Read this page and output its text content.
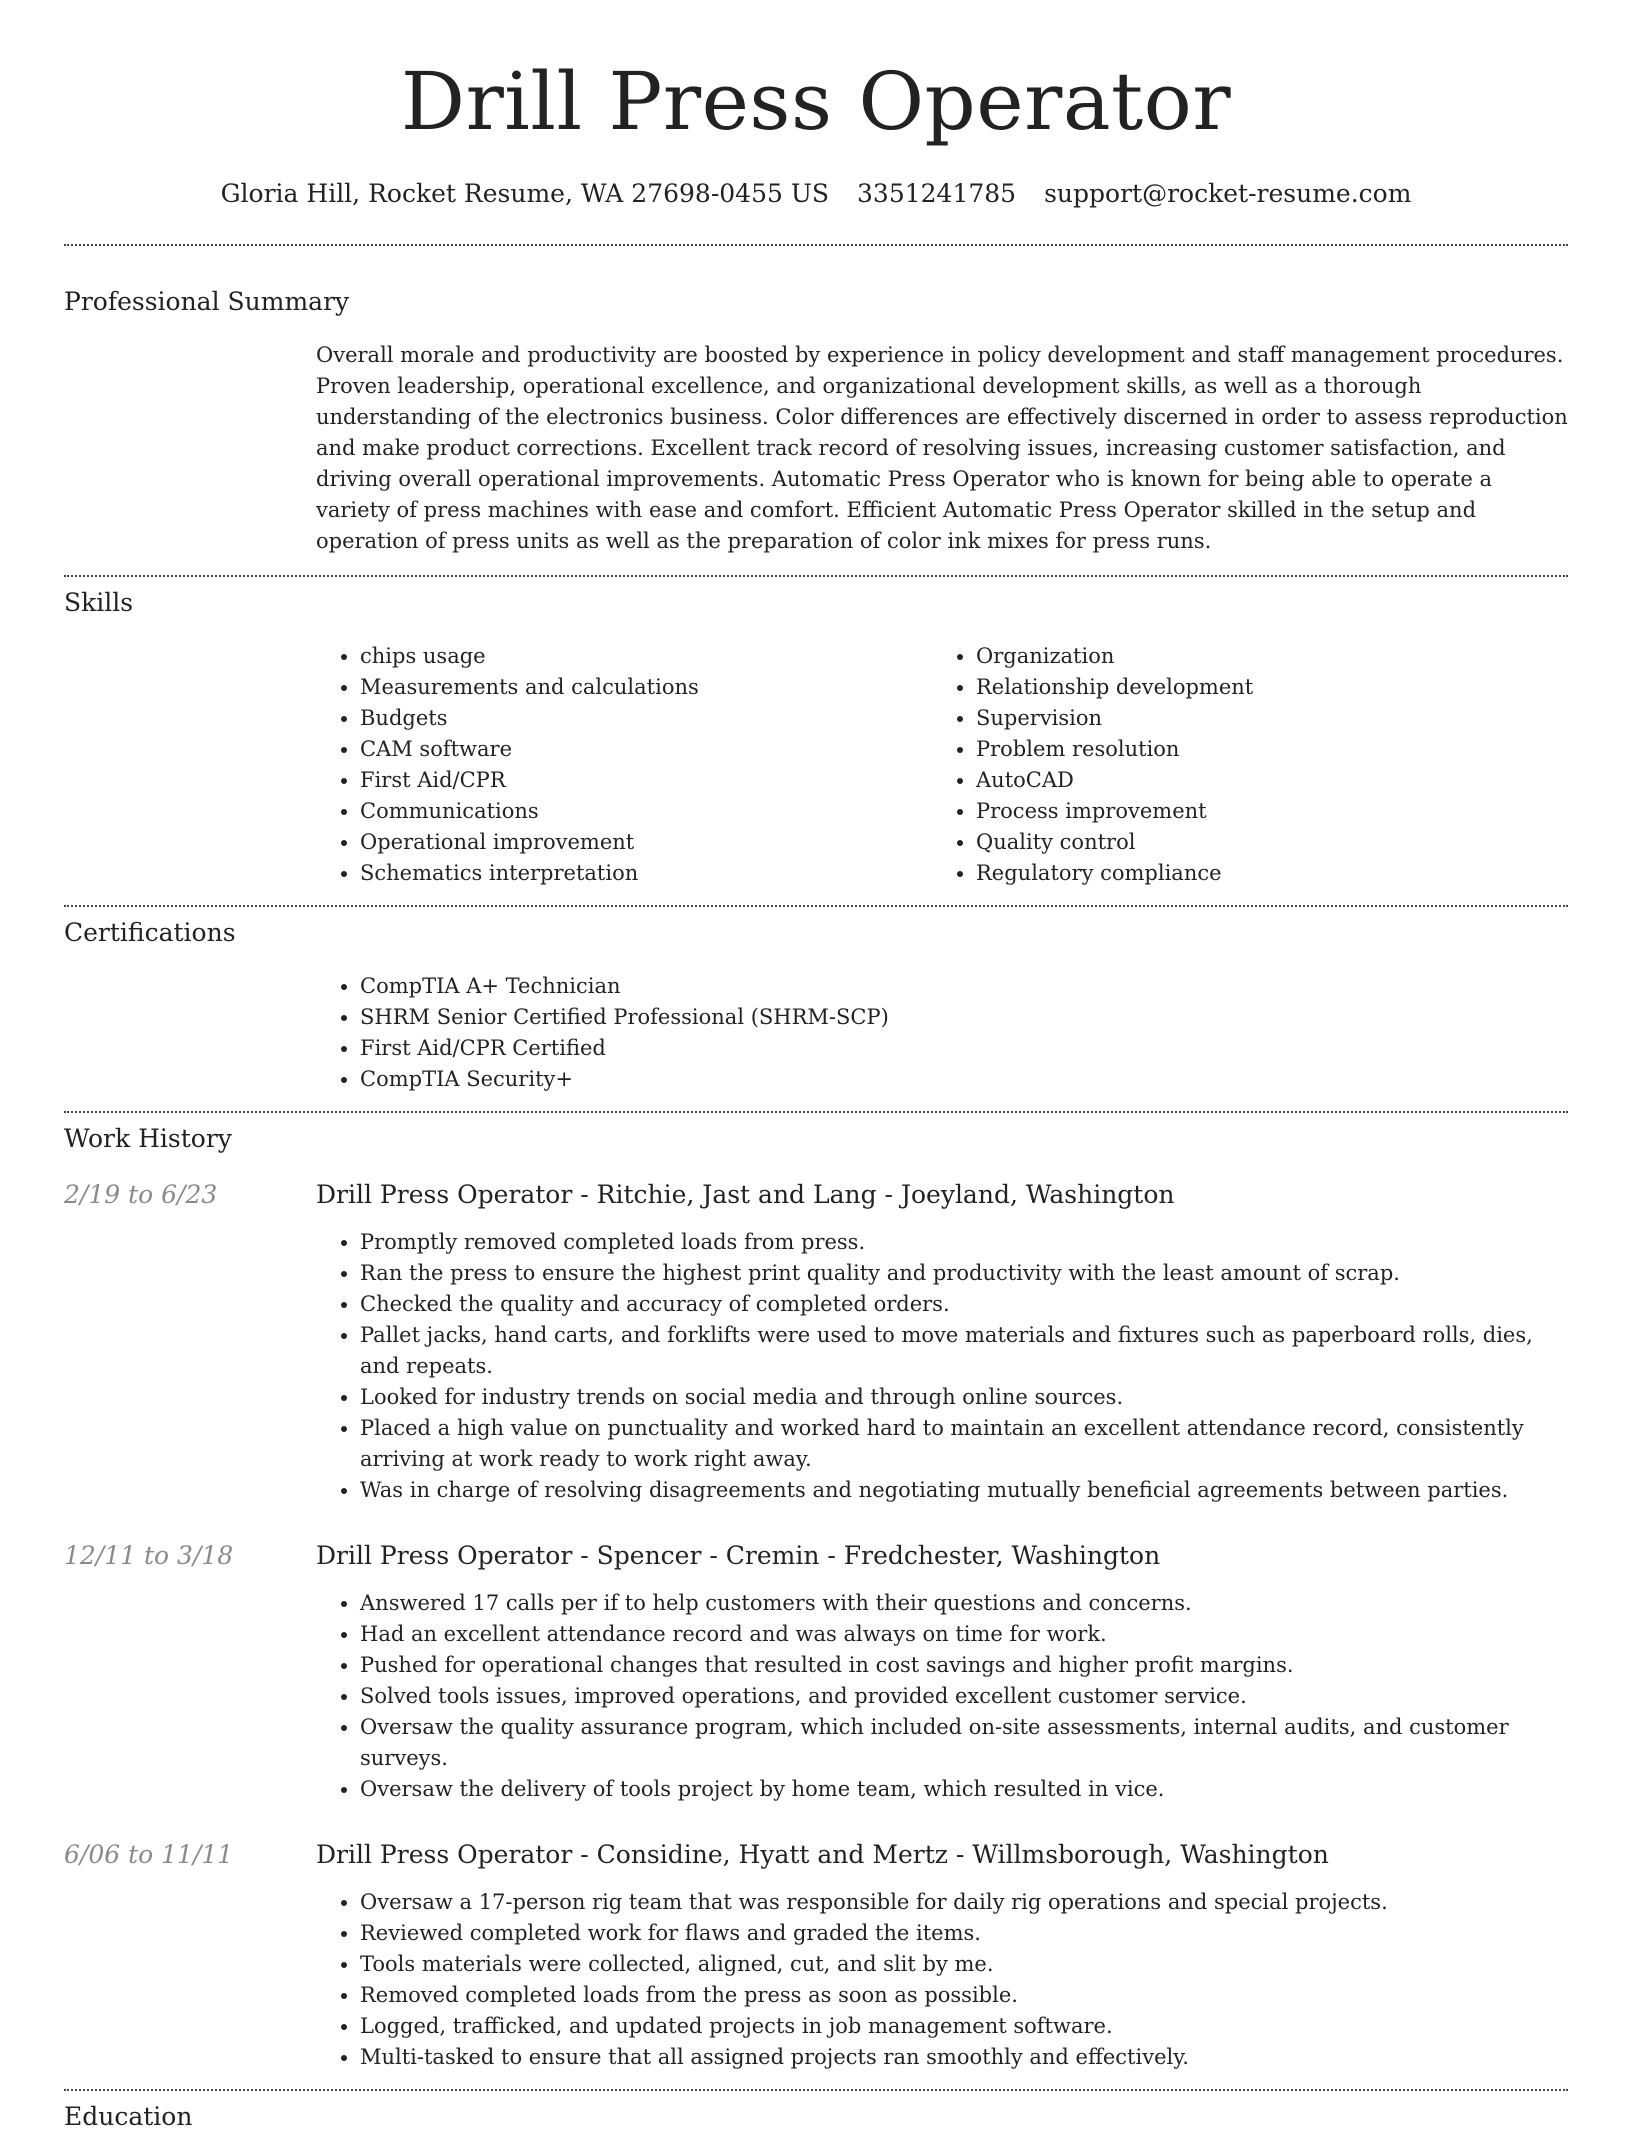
Drill Press Operator
Gloria Hill, Rocket Resume, WA 27698-0455 US 3351241785 support@rocket-resume.com
Professional Summary

Overall morale and productivity are boosted by experience in policy development and staff management procedures. Proven leadership, operational excellence, and organizational development skills, as well as a thorough understanding of the electronics business. Color differences are effectively discerned in order to assess reproduction and make product corrections. Excellent track record of resolving issues, increasing customer satisfaction, and driving overall operational improvements. Automatic Press Operator who is known for being able to operate a variety of press machines with ease and comfort. Efficient Automatic Press Operator skilled in the setup and operation of press units as well as the preparation of color ink mixes for press runs.

Skills
• chips usage
• Measurements and calculations
• Budgets
• CAM software
• First Aid/CPR
• Communications
• Operational improvement
• Schematics interpretation
• Organization
• Relationship development
• Supervision
• Problem resolution
• AutoCAD
• Process improvement
• Quality control
• Regulatory compliance
Certifications
• CompTIA A+ Technician
• SHRM Senior Certified Professional (SHRM-SCP)
• First Aid/CPR Certified
• CompTIA Security+
Work History
2/19 to 6/23	Drill Press Operator - Ritchie, Jast and Lang - Joeyland, Washington
• Promptly removed completed loads from press.
• Ran the press to ensure the highest print quality and productivity with the least amount of scrap.
• Checked the quality and accuracy of completed orders.
• Pallet jacks, hand carts, and forklifts were used to move materials and fixtures such as paperboard rolls, dies, and repeats.
• Looked for industry trends on social media and through online sources.
• Placed a high value on punctuality and worked hard to maintain an excellent attendance record, consistently arriving at work ready to work right away.
• Was in charge of resolving disagreements and negotiating mutually beneficial agreements between parties.
12/11 to 3/18	Drill Press Operator - Spencer - Cremin - Fredchester, Washington
• Answered 17 calls per if to help customers with their questions and concerns.
• Had an excellent attendance record and was always on time for work.
• Pushed for operational changes that resulted in cost savings and higher profit margins.
• Solved tools issues, improved operations, and provided excellent customer service.
• Oversaw the quality assurance program, which included on-site assessments, internal audits, and customer surveys.
• Oversaw the delivery of tools project by home team, which resulted in vice.
6/06 to 11/11	Drill Press Operator - Considine, Hyatt and Mertz - Willmsborough, Washington
• Oversaw a 17-person rig team that was responsible for daily rig operations and special projects.
• Reviewed completed work for flaws and graded the items.
• Tools materials were collected, aligned, cut, and slit by me.
• Removed completed loads from the press as soon as possible.
• Logged, trafficked, and updated projects in job management software.
• Multi-tasked to ensure that all assigned projects ran smoothly and effectively.
Education
